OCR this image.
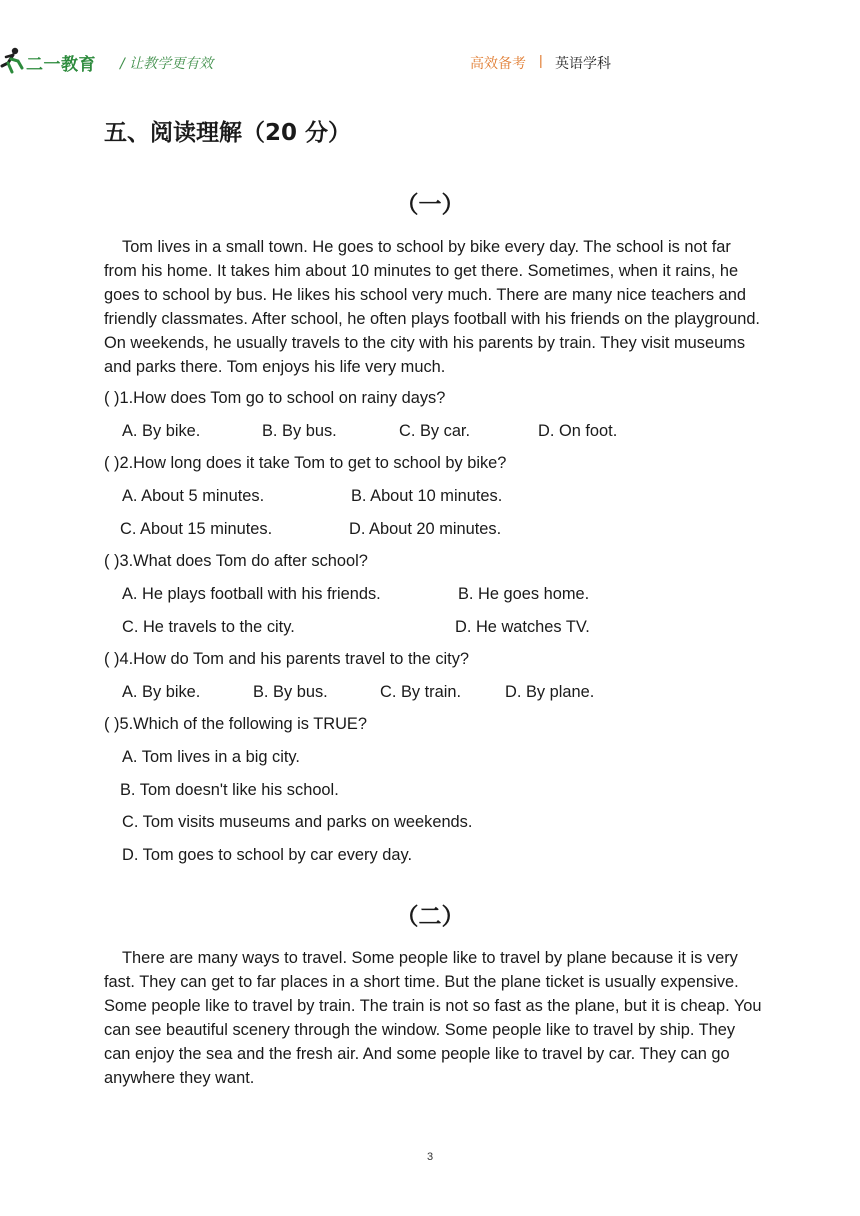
二一教育 / 让教学更有效	高效备考 | 英语学科
五、阅读理解（20 分）
（一）

Tom lives in a small town. He goes to school by bike every day. The school is not far from his home. It takes him about 10 minutes to get there. Sometimes, when it rains, he goes to school by bus. He likes his school very much. There are many nice teachers and friendly classmates. After school, he often plays football with his friends on the playground. On weekends, he usually travels to the city with his parents by train. They visit museums and parks there. Tom enjoys his life very much.

( )1.How does Tom go to school on rainy days?
A. By bike.	B. By bus.	C. By car.	D. On foot.
( )2.How long does it take Tom to get to school by bike?
A. About 5 minutes.	B. About 10 minutes.
C. About 15 minutes.	D. About 20 minutes.
( )3.What does Tom do after school?
A. He plays football with his friends.	B. He goes home.
C. He travels to the city.	D. He watches TV.
( )4.How do Tom and his parents travel to the city?
A. By bike.	B. By bus.	C. By train.	D. By plane.
( )5.Which of the following is TRUE?
A. Tom lives in a big city.
B. Tom doesn't like his school.
C. Tom visits museums and parks on weekends.
D. Tom goes to school by car every day.
（二）

There are many ways to travel. Some people like to travel by plane because it is very fast. They can get to far places in a short time. But the plane ticket is usually expensive. Some people like to travel by train. The train is not so fast as the plane, but it is cheap. You can see beautiful scenery through the window. Some people like to travel by ship. They can enjoy the sea and the fresh air. And some people like to travel by car. They can go anywhere they want.

3
